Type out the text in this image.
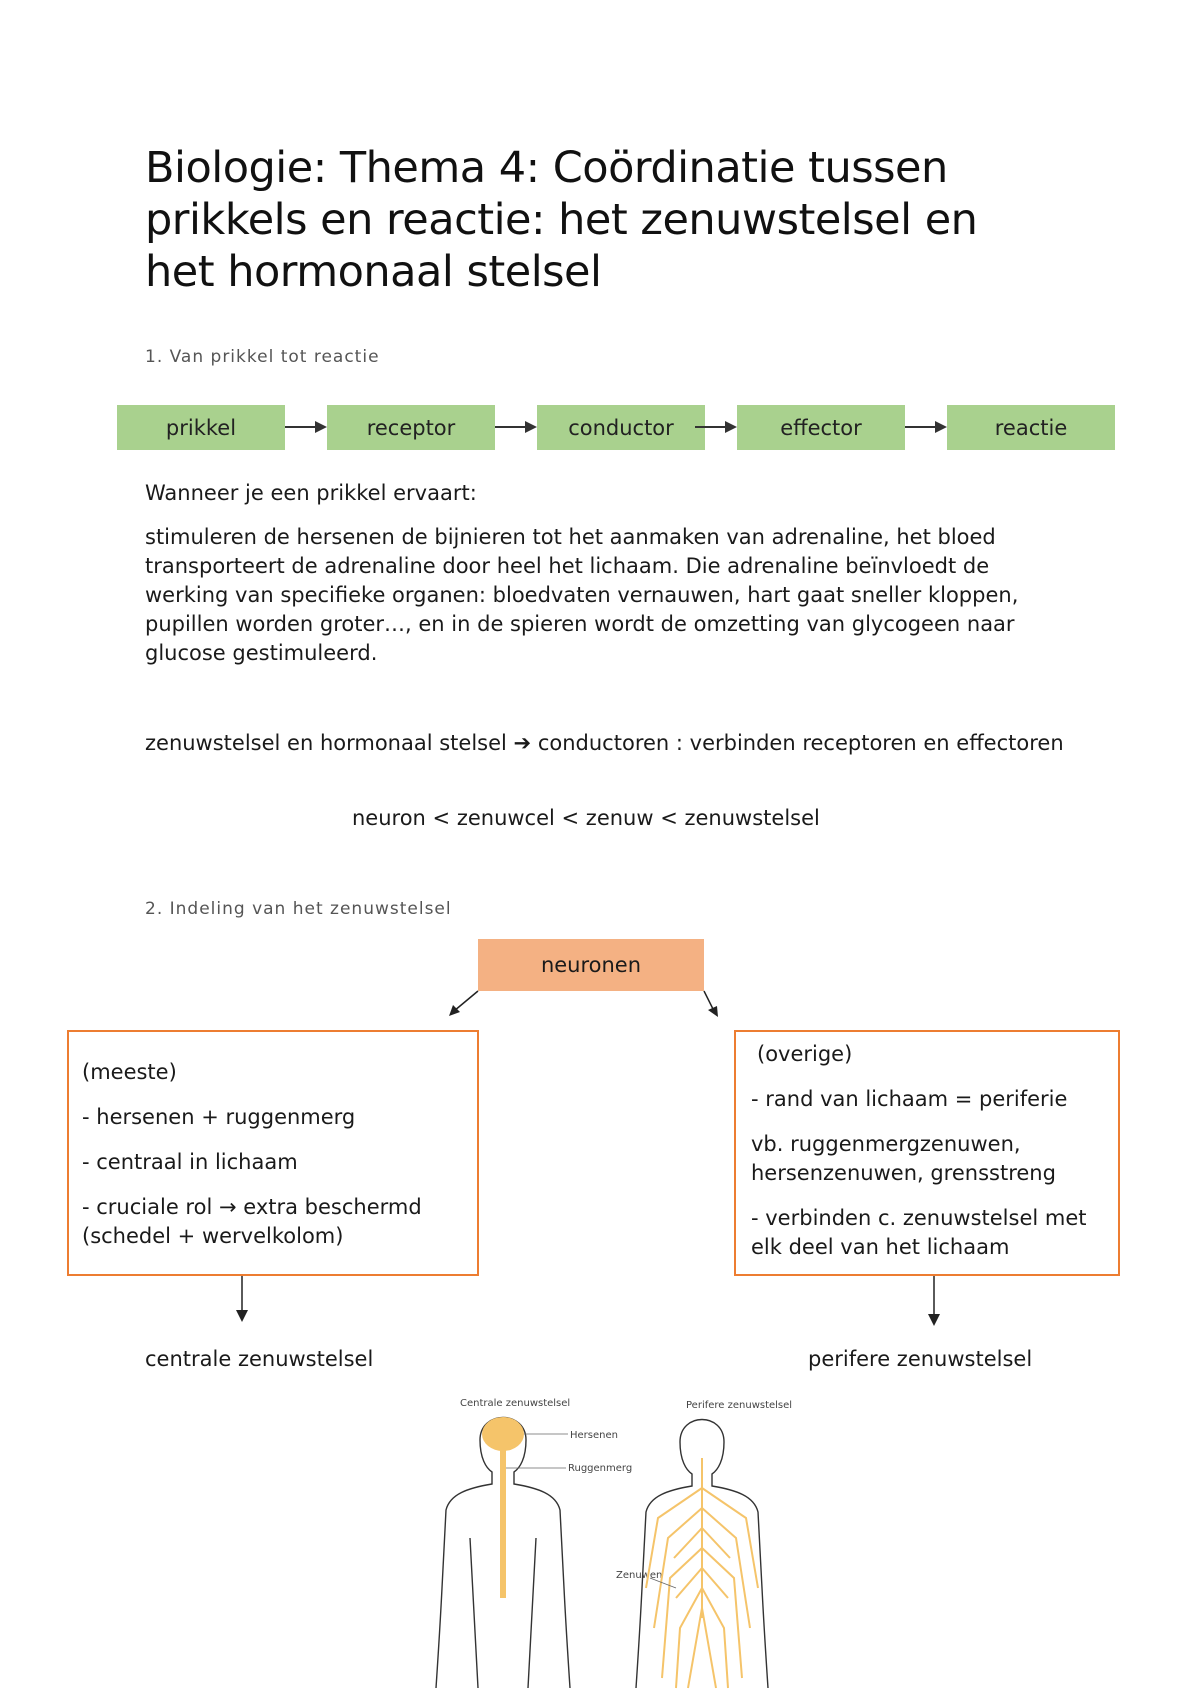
Biologie: Thema 4: Coördinatie tussen prikkels en reactie: het zenuwstelsel en het hormonaal stelsel

1. Van prikkel tot reactie

prikkel	receptor	conductor	effector	reactie

Wanneer je een prikkel ervaart:

stimuleren de hersenen de bijnieren tot het aanmaken van adrenaline, het bloed transporteert de adrenaline door heel het lichaam. Die adrenaline beïnvloedt de werking van specifieke organen: bloedvaten vernauwen, hart gaat sneller kloppen, pupillen worden groter…, en in de spieren wordt de omzetting van glycogeen naar glucose gestimuleerd.

zenuwstelsel en hormonaal stelsel ➔ conductoren : verbinden receptoren en effectoren

neuron < zenuwcel < zenuw < zenuwstelsel

2. Indeling van het zenuwstelsel

neuronen

(meeste)

- hersenen + ruggenmerg

- centraal in lichaam

- cruciale rol → extra beschermd (schedel + wervelkolom)

(overige)

- rand van lichaam = periferie

vb. ruggenmergzenuwen, hersenzenuwen, grensstreng

- verbinden c. zenuwstelsel met elk deel van het lichaam

centrale zenuwstelsel	perifere zenuwstelsel

Centrale zenuwstelsel	Perifere zenuwstelsel
Hersenen
Ruggenmerg
Zenuwen
